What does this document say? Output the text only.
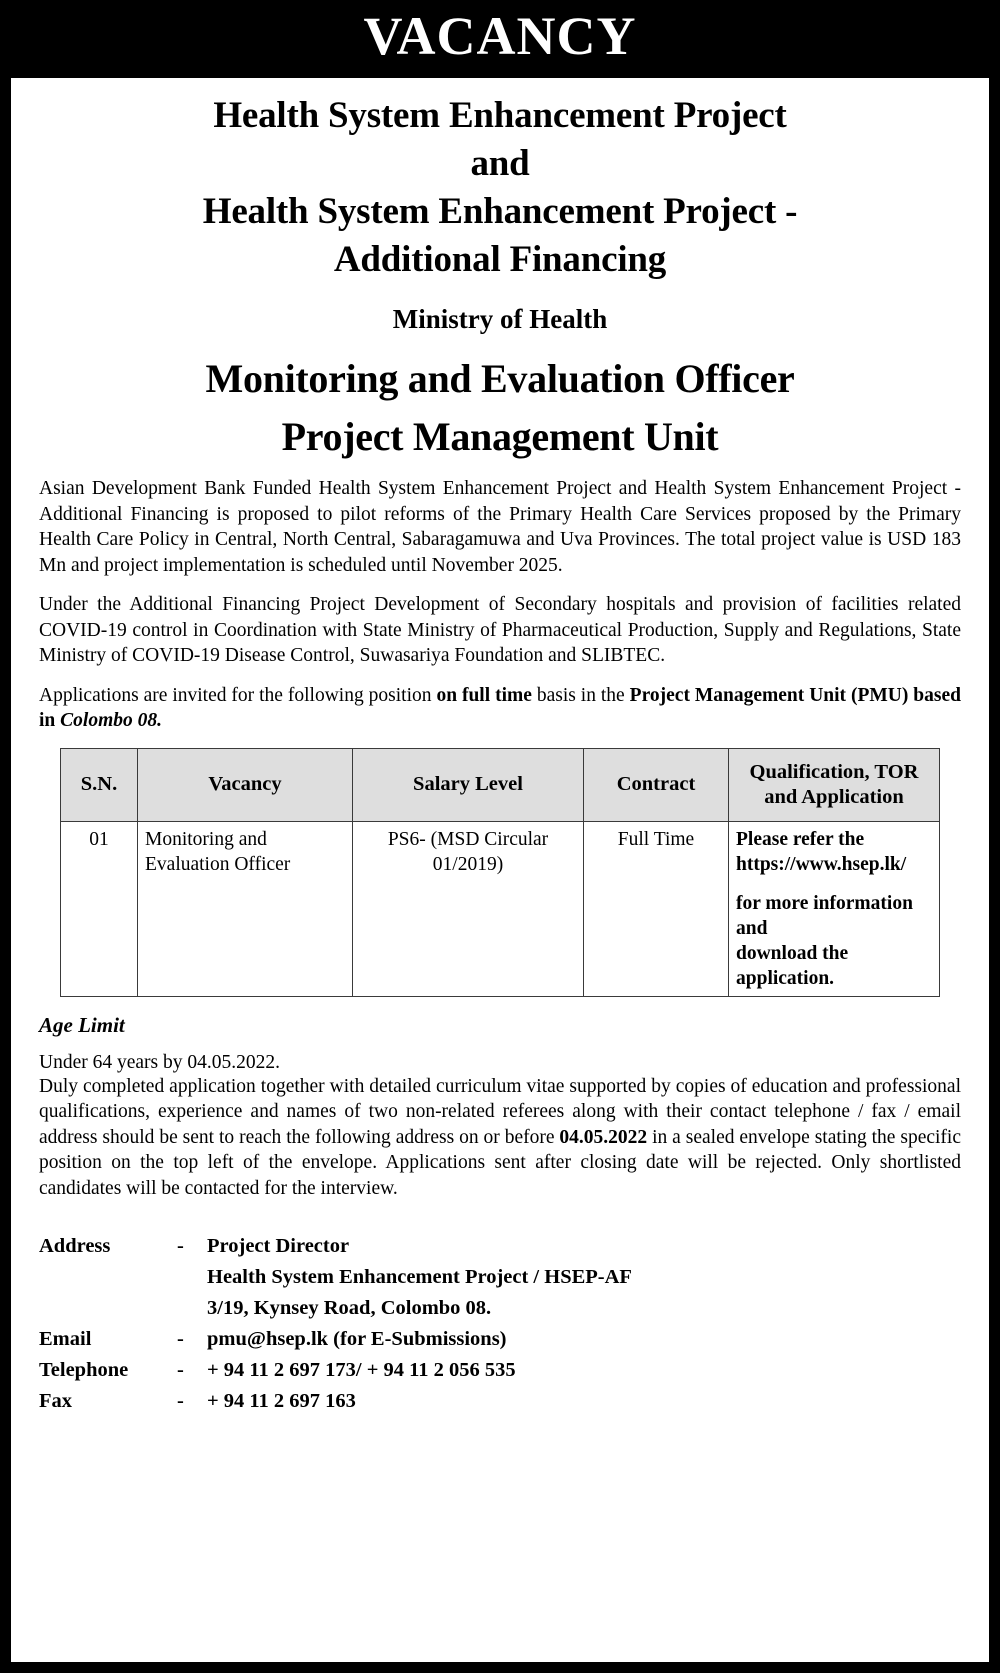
VACANCY
Health System Enhancement Project
and
Health System Enhancement Project -
Additional Financing
Ministry of Health
Monitoring and Evaluation Officer
Project Management Unit

Asian Development Bank Funded Health System Enhancement Project and Health System Enhancement Project - Additional Financing is proposed to pilot reforms of the Primary Health Care Services proposed by the Primary Health Care Policy in Central, North Central, Sabaragamuwa and Uva Provinces. The total project value is USD 183 Mn and project implementation is scheduled until November 2025.

Under the Additional Financing Project Development of Secondary hospitals and provision of facilities related COVID-19 control in Coordination with State Ministry of Pharmaceutical Production, Supply and Regulations, State Ministry of COVID-19 Disease Control, Suwasariya Foundation and SLIBTEC.

Applications are invited for the following position on full time basis in the Project Management Unit (PMU) based in Colombo 08.

S.N.	Vacancy	Salary Level	Contract	Qualification, TOR and Application
01	Monitoring and Evaluation Officer	PS6- (MSD Circular 01/2019)	Full Time	Please refer the
https://www.hsep.lk/
for more information and
download the application.
Age Limit
Under 64 years by 04.05.2022.

Duly completed application together with detailed curriculum vitae supported by copies of education and professional qualifications, experience and names of two non-related referees along with their contact telephone / fax / email address should be sent to reach the following address on or before 04.05.2022 in a sealed envelope stating the specific position on the top left of the envelope. Applications sent after closing date will be rejected. Only shortlisted candidates will be contacted for the interview.

Address	-	Project Director
Health System Enhancement Project / HSEP-AF
3/19, Kynsey Road, Colombo 08.
Email	-	pmu@hsep.lk (for E-Submissions)
Telephone	-	+ 94 11 2 697 173/ + 94 11 2 056 535
Fax	-	+ 94 11 2 697 163
